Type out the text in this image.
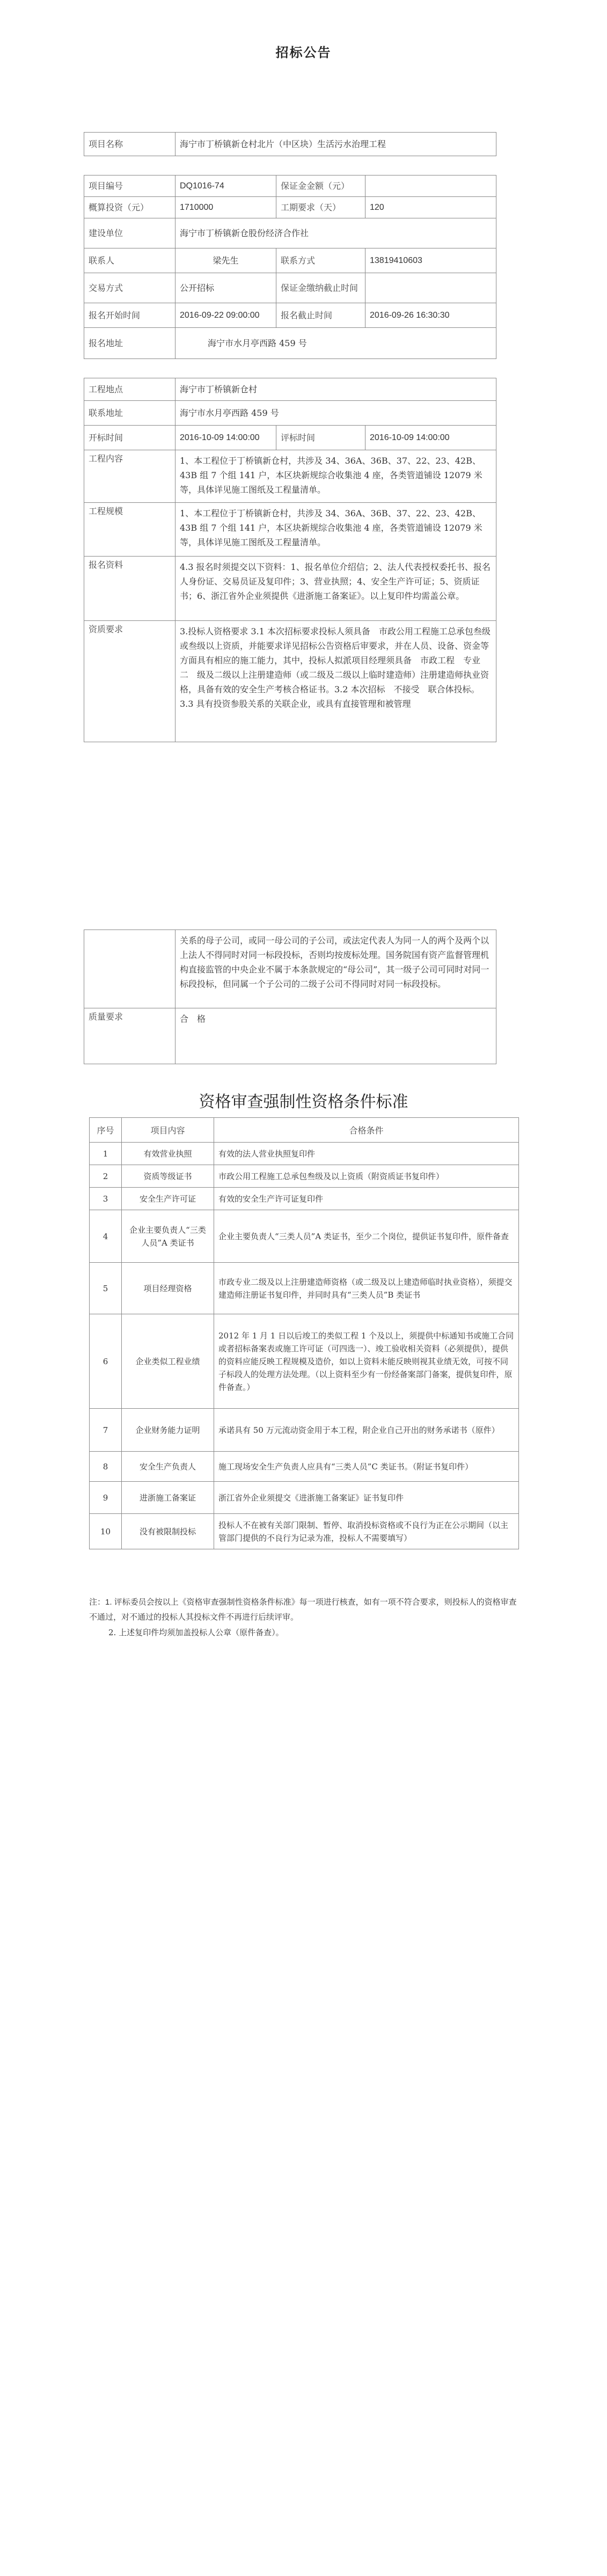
招标公告
项目名称	海宁市丁桥镇新仓村北片（中区块）生活污水治理工程		

项目编号	DQ1016-74	保证金金额（元）	
概算投资（元）	1710000	工期要求（天）	120
建设单位	海宁市丁桥镇新仓股份经济合作社		
联系人	梁先生	联系方式	13819410603
交易方式	公开招标	保证金缴纳截止时间	
报名开始时间	2016-09-22 09:00:00	报名截止时间	2016-09-26 16:30:30
报名地址	海宁市水月亭西路 459 号		

工程地点	海宁市丁桥镇新仓村		
联系地址	海宁市水月亭西路 459 号		
开标时间	2016-10-09 14:00:00	评标时间	2016-10-09 14:00:00
工程内容	1、本工程位于丁桥镇新仓村，共涉及 34、36A、36B、37、22、23、42B、43B 组 7 个组 141 户，本区块新规综合收集池 4 座，各类管道铺设 12079 米等，具体详见施工图纸及工程量清单。		
工程规模	1、本工程位于丁桥镇新仓村，共涉及 34、36A、36B、37、22、23、42B、43B 组 7 个组 141 户，本区块新规综合收集池 4 座，各类管道铺设 12079 米等，具体详见施工图纸及工程量清单。		
报名资料	4.3 报名时须提交以下资料：1、报名单位介绍信；2、法人代表授权委托书、报名人身份证、交易员证及复印件；3、营业执照；4、安全生产许可证；5、资质证书；6、浙江省外企业须提供《进浙施工备案证》。以上复印件均需盖公章。		
资质要求	3.投标人资格要求 3.1 本次招标要求投标人须具备　市政公用工程施工总承包叁级或叁级以上资质，并能要求详见招标公告资格后审要求，并在人员、设备、资金等方面具有相应的施工能力，其中，投标人拟派项目经理须具备　市政工程　专业　二　级及二级以上注册建造师（或二级及二级以上临时建造师）注册建造师执业资格，具备有效的安全生产考核合格证书。3.2 本次招标　不接受　联合体投标。3.3 具有投资参股关系的关联企业，或具有直接管理和被管理		
	关系的母子公司，或同一母公司的子公司，或法定代表人为同一人的两个及两个以上法人不得同时对同一标段投标，否则均按废标处理。国务院国有资产监督管理机构直接监管的中央企业不属于本条款规定的“母公司”，其一级子公司可同时对同一标段投标，但同属一个子公司的二级子公司不得同时对同一标段投标。
质量要求	合　格
资格审查强制性资格条件标准
序号	项目内容	合格条件
1	有效营业执照	有效的法人营业执照复印件
2	资质等级证书	市政公用工程施工总承包叁级及以上资质（附资质证书复印件）
3	安全生产许可证	有效的安全生产许可证复印件
4	企业主要负责人“三类人员”A 类证书	企业主要负责人“三类人员”A 类证书，至少二个岗位，提供证书复印件，原件备查
5	项目经理资格	市政专业二级及以上注册建造师资格（或二级及以上建造师临时执业资格），须提交建造师注册证书复印件，并同时具有“三类人员”B 类证书
6	企业类似工程业绩	2012 年 1 月 1 日以后竣工的类似工程 1 个及以上，须提供中标通知书或施工合同或者招标备案表或施工许可证（可四选一）、竣工验收相关资料（必须提供），提供的资料应能反映工程规模及造价，如以上资料未能反映则视其业绩无效，可按不同子标段人的处理方法处理。（以上资料至少有一份经备案部门备案，提供复印件，原件备查。）
7	企业财务能力证明	承诺具有 50 万元流动资金用于本工程，附企业自己开出的财务承诺书（原件）
8	安全生产负责人	施工现场安全生产负责人应具有“三类人员”C 类证书。（附证书复印件）
9	进浙施工备案证	浙江省外企业须提交《进浙施工备案证》证书复印件
10	没有被限制投标	投标人不在被有关部门限制、暂停、取消投标资格或不良行为正在公示期间（以主管部门提供的不良行为记录为准，投标人不需要填写）

注：1. 评标委员会按以上《资格审查强制性资格条件标准》每一项进行核查，如有一项不符合要求，则投标人的资格审查不通过，对不通过的投标人其投标文件不再进行后续评审。

2. 上述复印件均须加盖投标人公章（原件备查）。
